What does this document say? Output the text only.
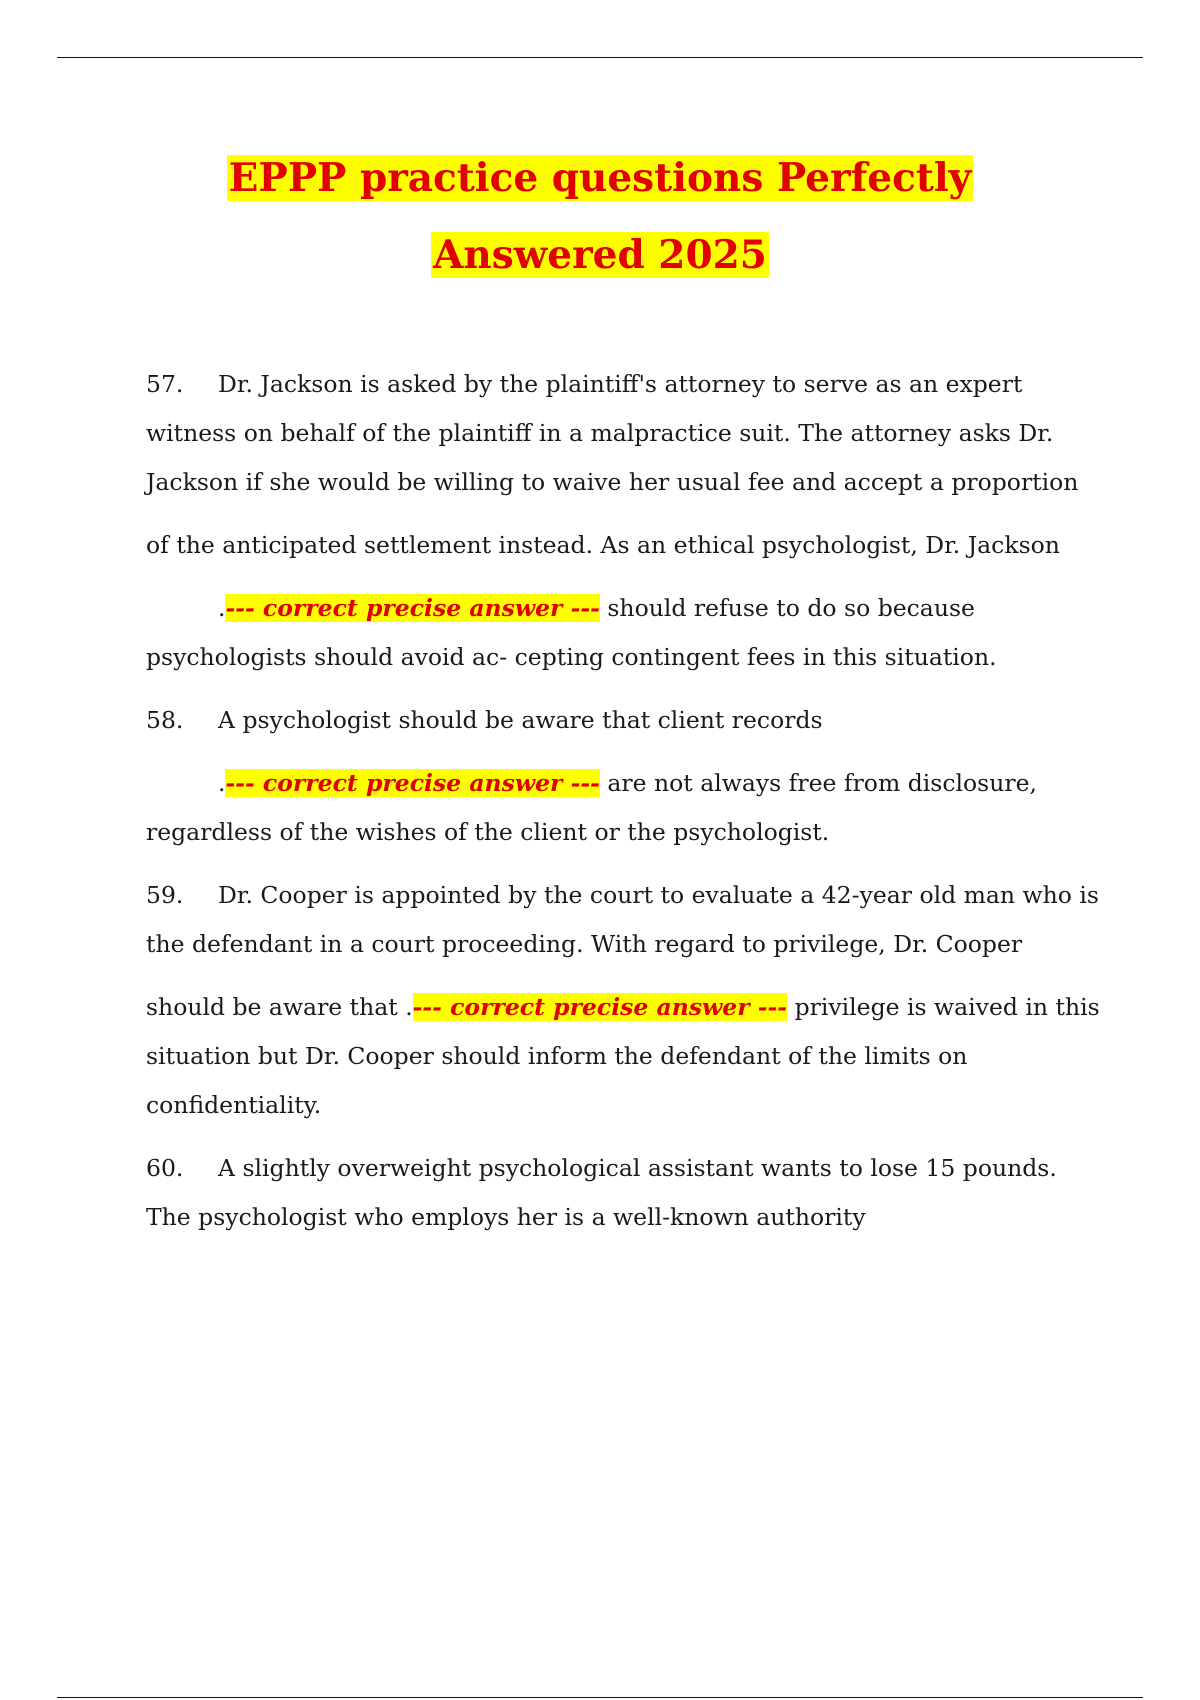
EPPP practice questions Perfectly
Answered 2025

57. Dr. Jackson is asked by the plaintiff's attorney to serve as an expert witness on behalf of the plaintiff in a malpractice suit. The attorney asks Dr. Jackson if she would be willing to waive her usual fee and accept a proportion

of the anticipated settlement instead. As an ethical psychologist, Dr. Jackson

.--- correct precise answer --- should refuse to do so because psychologists should avoid ac- cepting contingent fees in this situation.

58. A psychologist should be aware that client records

.--- correct precise answer --- are not always free from disclosure, regardless of the wishes of the client or the psychologist.

59. Dr. Cooper is appointed by the court to evaluate a 42-year old man who is the defendant in a court proceeding. With regard to privilege, Dr. Cooper

should be aware that .--- correct precise answer --- privilege is waived in this situation but Dr. Cooper should inform the defendant of the limits on confidentiality.

60. A slightly overweight psychological assistant wants to lose 15 pounds. The psychologist who employs her is a well-known authority
